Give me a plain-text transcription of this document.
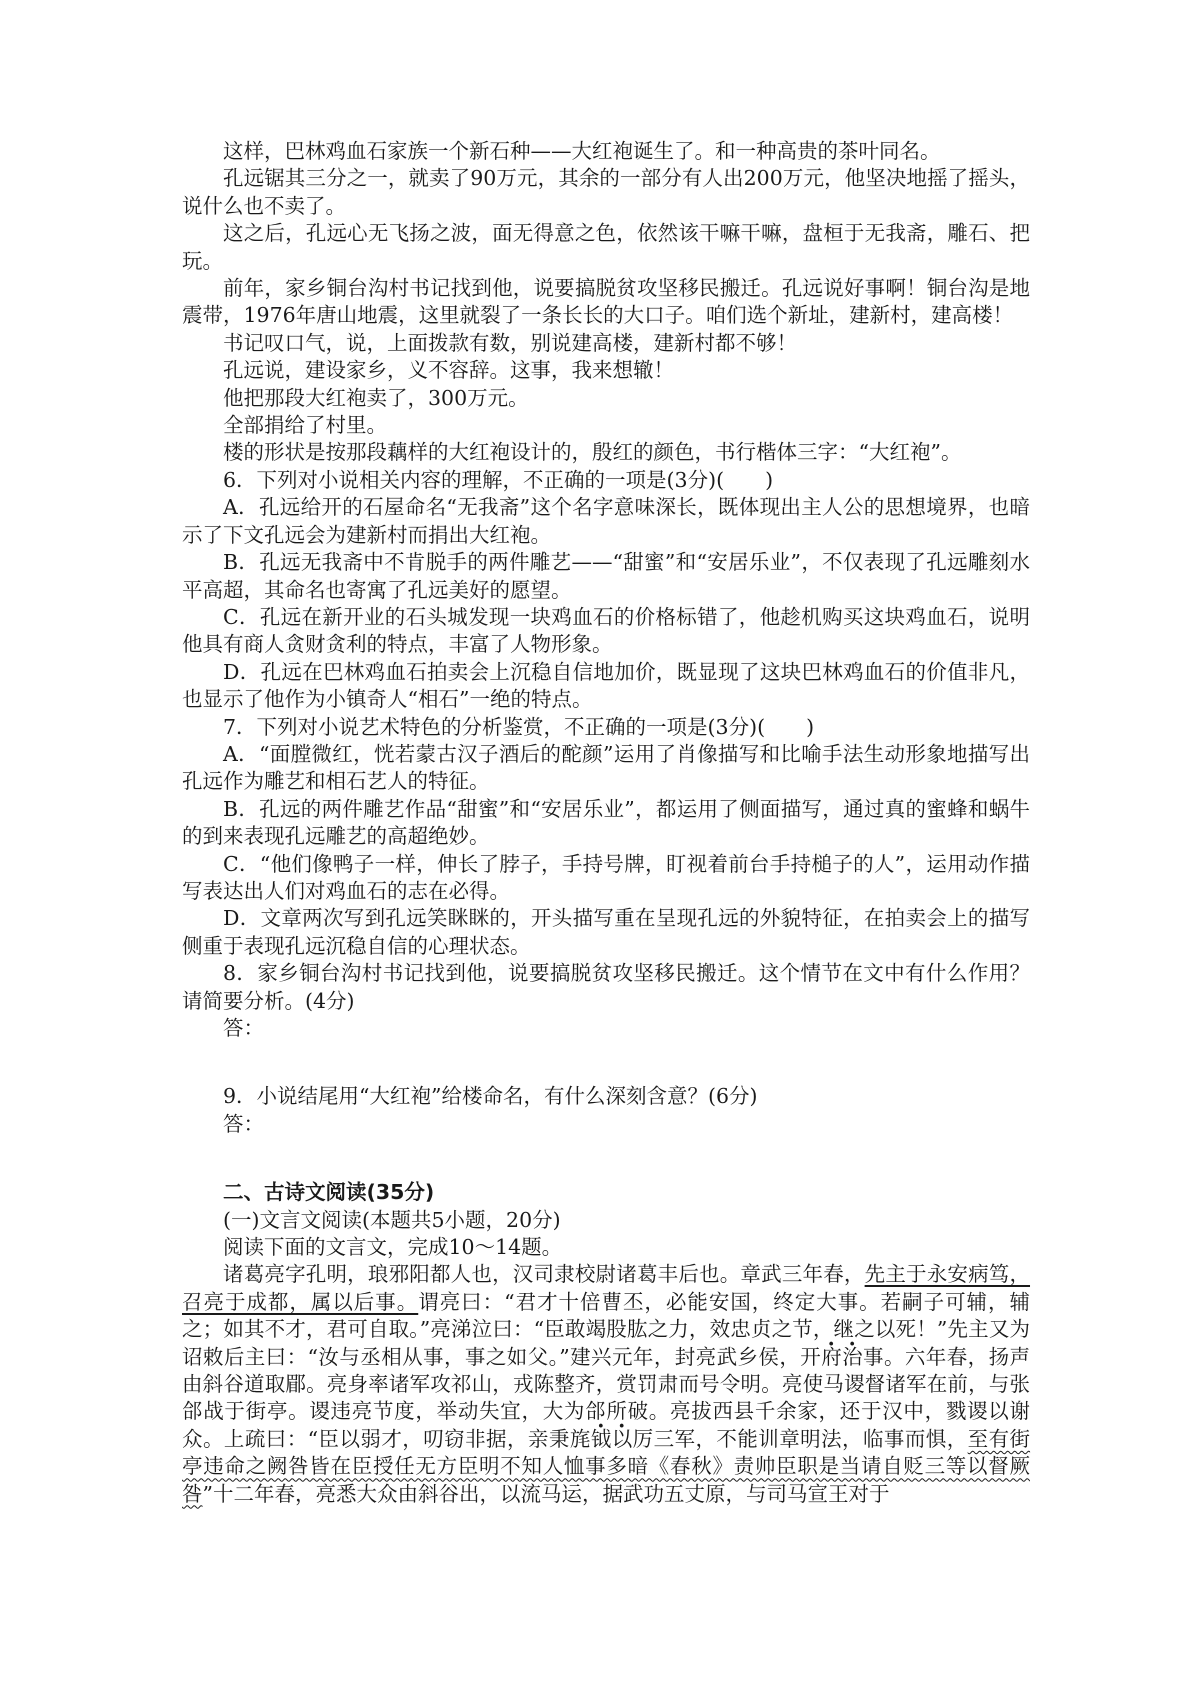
这样，巴林鸡血石家族一个新石种——大红袍诞生了。和一种高贵的茶叶同名。

孔远锯其三分之一，就卖了90万元，其余的一部分有人出200万元，他坚决地摇了摇头，说什么也不卖了。

这之后，孔远心无飞扬之波，面无得意之色，依然该干嘛干嘛，盘桓于无我斋，雕石、把玩。

前年，家乡铜台沟村书记找到他，说要搞脱贫攻坚移民搬迁。孔远说好事啊！铜台沟是地震带，1976年唐山地震，这里就裂了一条长长的大口子。咱们选个新址，建新村，建高楼！

书记叹口气，说，上面拨款有数，别说建高楼，建新村都不够！

孔远说，建设家乡，义不容辞。这事，我来想辙！

他把那段大红袍卖了，300万元。

全部捐给了村里。

楼的形状是按那段藕样的大红袍设计的，殷红的颜色，书行楷体三字：“大红袍”。

6．下列对小说相关内容的理解，不正确的一项是(3分)(　　)

A．孔远给开的石屋命名“无我斋”这个名字意味深长，既体现出主人公的思想境界，也暗示了下文孔远会为建新村而捐出大红袍。

B．孔远无我斋中不肯脱手的两件雕艺——“甜蜜”和“安居乐业”，不仅表现了孔远雕刻水平高超，其命名也寄寓了孔远美好的愿望。

C．孔远在新开业的石头城发现一块鸡血石的价格标错了，他趁机购买这块鸡血石，说明他具有商人贪财贪利的特点，丰富了人物形象。

D．孔远在巴林鸡血石拍卖会上沉稳自信地加价，既显现了这块巴林鸡血石的价值非凡，也显示了他作为小镇奇人“相石”一绝的特点。

7．下列对小说艺术特色的分析鉴赏，不正确的一项是(3分)(　　)

A．“面膛微红，恍若蒙古汉子酒后的酡颜”运用了肖像描写和比喻手法生动形象地描写出孔远作为雕艺和相石艺人的特征。

B．孔远的两件雕艺作品“甜蜜”和“安居乐业”，都运用了侧面描写，通过真的蜜蜂和蜗牛的到来表现孔远雕艺的高超绝妙。

C．“他们像鸭子一样，伸长了脖子，手持号牌，盯视着前台手持槌子的人”，运用动作描写表达出人们对鸡血石的志在必得。

D．文章两次写到孔远笑眯眯的，开头描写重在呈现孔远的外貌特征，在拍卖会上的描写侧重于表现孔远沉稳自信的心理状态。

8．家乡铜台沟村书记找到他，说要搞脱贫攻坚移民搬迁。这个情节在文中有什么作用？请简要分析。(4分)

答：

9．小说结尾用“大红袍”给楼命名，有什么深刻含意？(6分)

答：

二、古诗文阅读(35分)

(一)文言文阅读(本题共5小题，20分)

阅读下面的文言文，完成10～14题。

诸葛亮字孔明，琅邪阳都人也，汉司隶校尉诸葛丰后也。章武三年春，先主于永安病笃，召亮于成都，属以后事。谓亮曰：“君才十倍曹丕，必能安国，终定大事。若嗣子可辅，辅之；如其不才，君可自取。”亮涕泣曰：“臣敢竭股肱之力，效忠贞之节，继之以死！”先主又为诏敕后主曰：“汝与丞相从事，事之如父。”建兴元年，封亮武乡侯，开府治事。六年春，扬声由斜谷道取郿。亮身率诸军攻祁山，戎陈整齐，赏罚肃而号令明。亮使马谡督诸军在前，与张郃战于街亭。谡违亮节度，举动失宜，大为郃所破。亮拔西县千余家，还于汉中，戮谡以谢众。上疏曰：“臣以弱才，叨窃非据，亲秉旄钺以厉三军，不能训章明法，临事而惧，至有街亭违命之阙咎皆在臣授任无方臣明不知人恤事多暗《春秋》责帅臣职是当请自贬三等以督厥咎”十二年春，亮悉大众由斜谷出，以流马运，据武功五丈原，与司马宣王对于
